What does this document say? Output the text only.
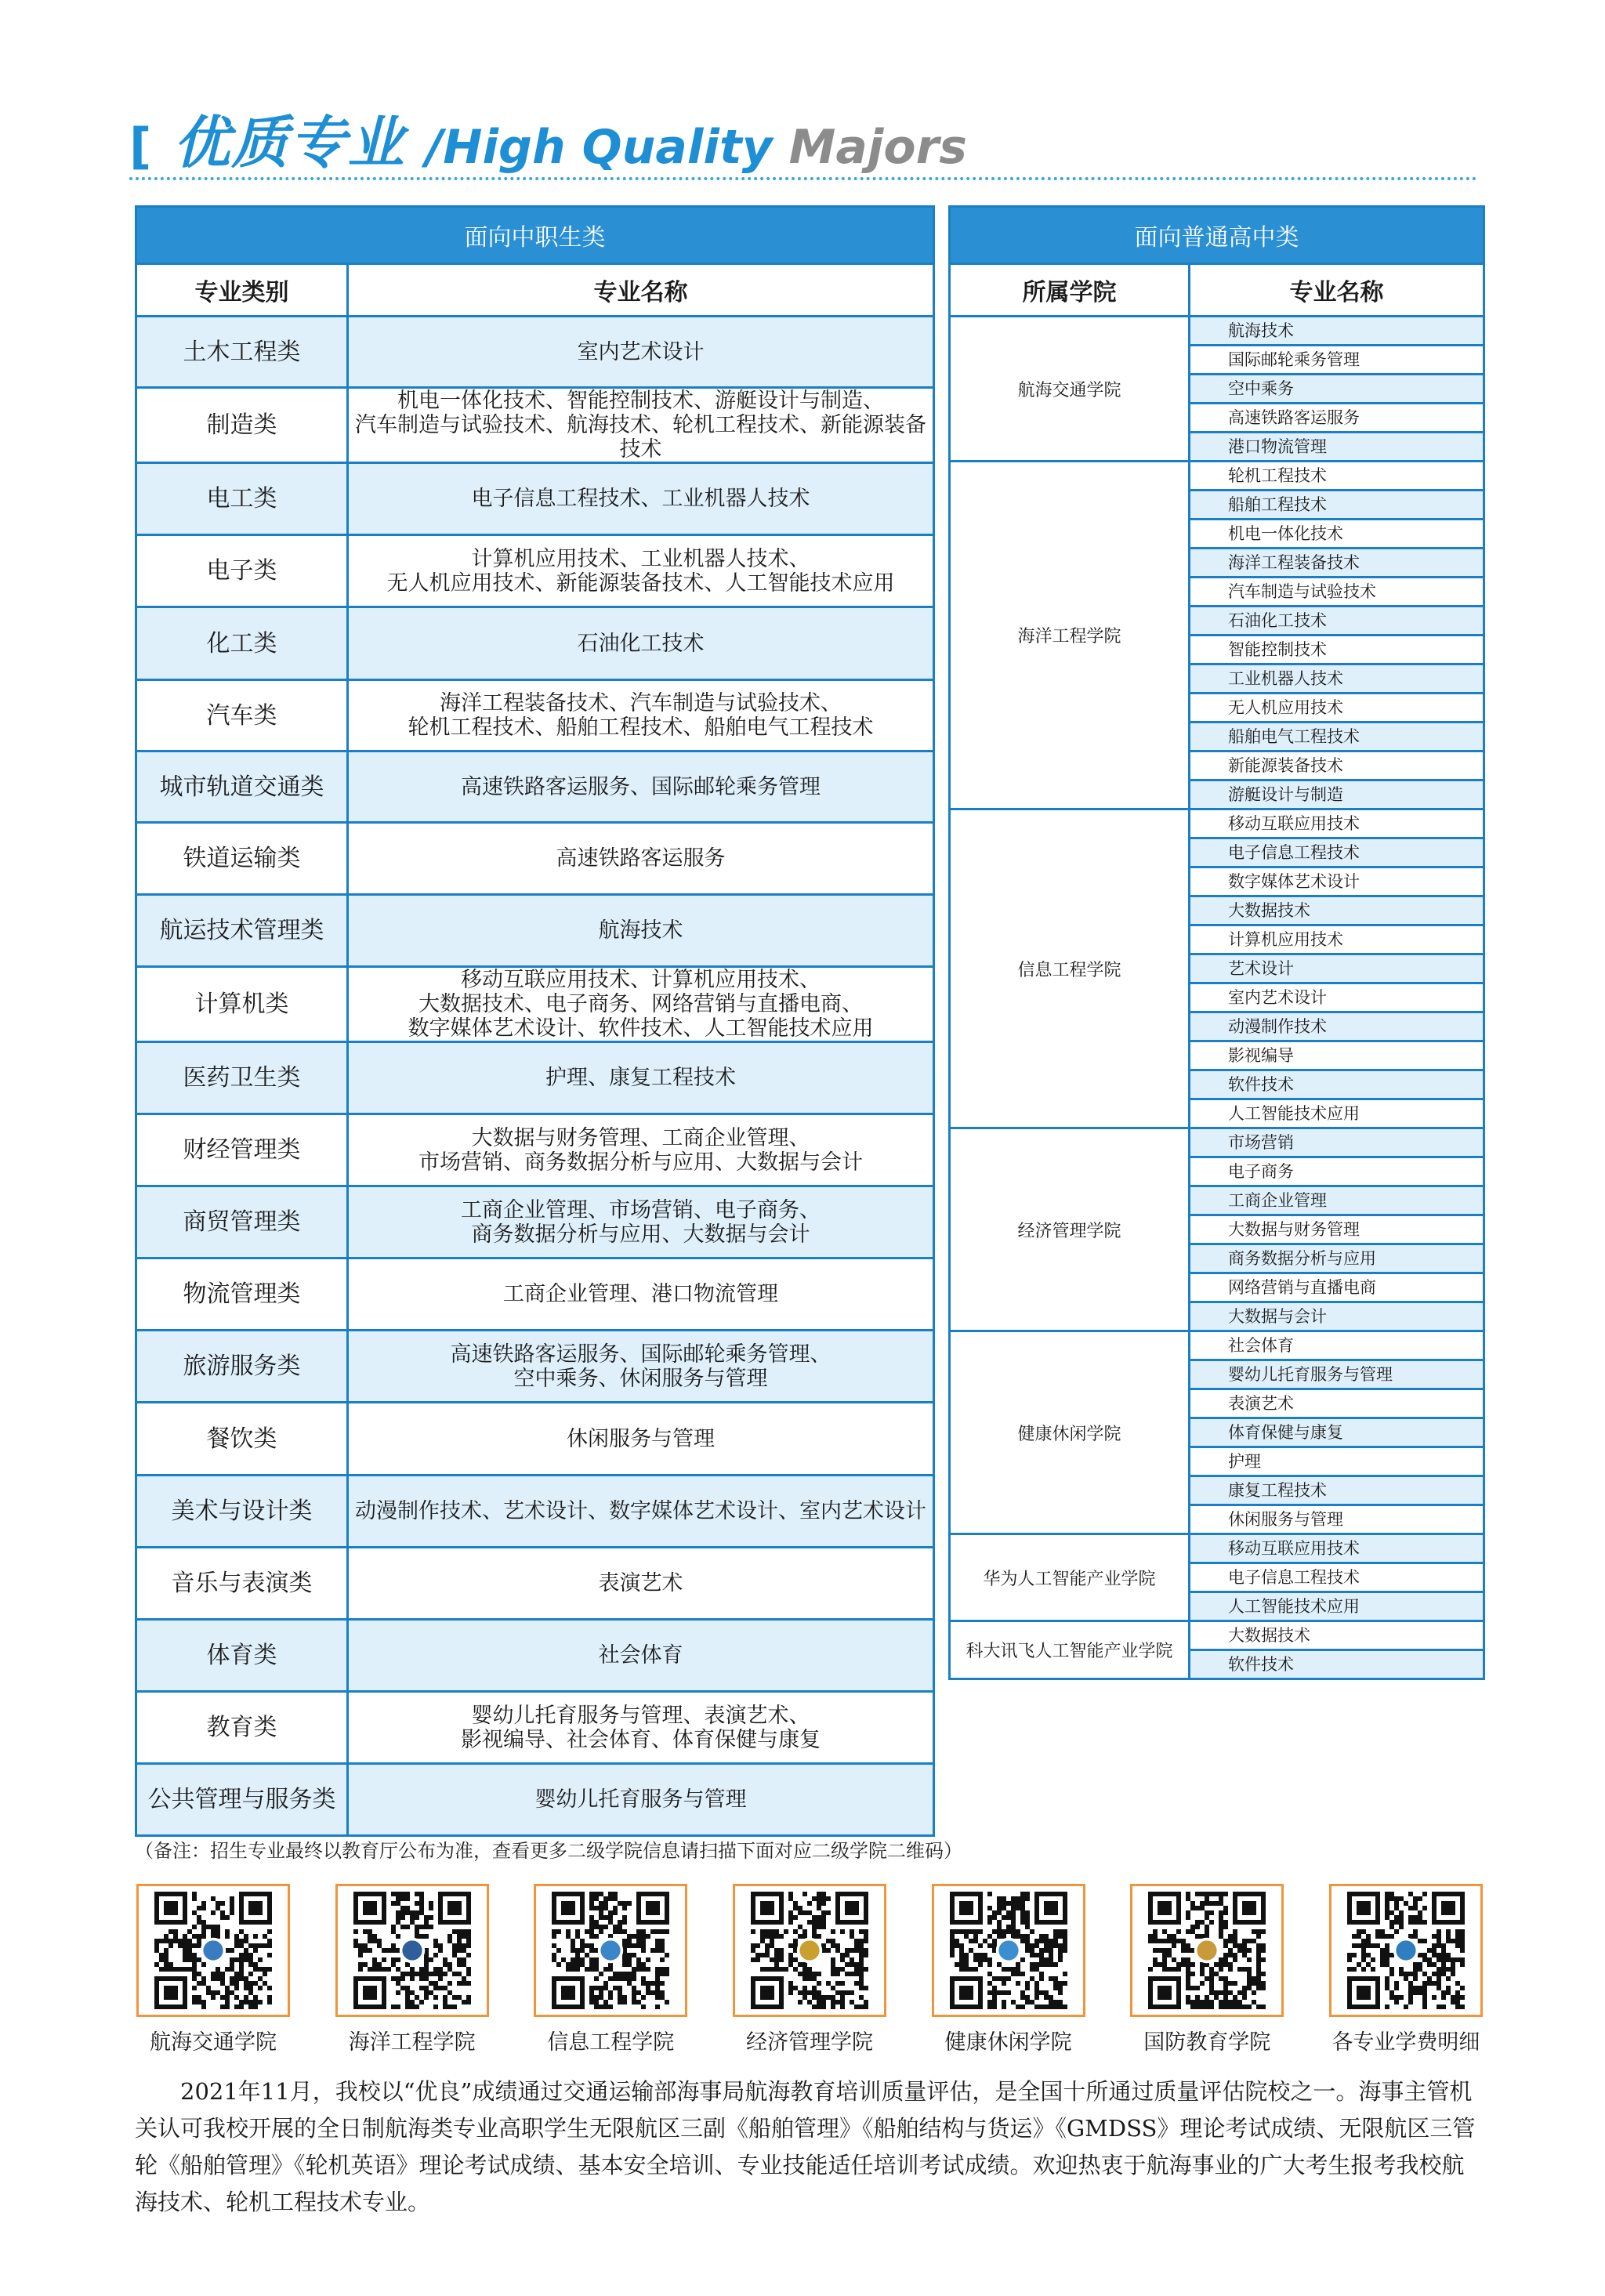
[ 优质专业 /High Quality Majors
面向中职生类	
专业类别	专业名称
土木工程类	室内艺术设计
制造类	机电一体化技术、智能控制技术、游艇设计与制造、
汽车制造与试验技术、航海技术、轮机工程技术、新能源装备技术
电工类	电子信息工程技术、工业机器人技术
电子类	计算机应用技术、工业机器人技术、
无人机应用技术、新能源装备技术、人工智能技术应用
化工类	石油化工技术
汽车类	海洋工程装备技术、汽车制造与试验技术、
轮机工程技术、船舶工程技术、船舶电气工程技术
城市轨道交通类	高速铁路客运服务、国际邮轮乘务管理
铁道运输类	高速铁路客运服务
航运技术管理类	航海技术
计算机类	移动互联应用技术、计算机应用技术、
大数据技术、电子商务、网络营销与直播电商、
数字媒体艺术设计、软件技术、人工智能技术应用
医药卫生类	护理、康复工程技术
财经管理类	大数据与财务管理、工商企业管理、
市场营销、商务数据分析与应用、大数据与会计
商贸管理类	工商企业管理、市场营销、电子商务、
商务数据分析与应用、大数据与会计
物流管理类	工商企业管理、港口物流管理
旅游服务类	高速铁路客运服务、国际邮轮乘务管理、
空中乘务、休闲服务与管理
餐饮类	休闲服务与管理
美术与设计类	动漫制作技术、艺术设计、数字媒体艺术设计、室内艺术设计
音乐与表演类	表演艺术
体育类	社会体育
教育类	婴幼儿托育服务与管理、表演艺术、
影视编导、社会体育、体育保健与康复
公共管理与服务类	婴幼儿托育服务与管理
面向普通高中类	
所属学院	专业名称
航海交通学院	航海技术
	国际邮轮乘务管理
	空中乘务
	高速铁路客运服务
	港口物流管理
海洋工程学院	轮机工程技术
	船舶工程技术
	机电一体化技术
	海洋工程装备技术
	汽车制造与试验技术
	石油化工技术
	智能控制技术
	工业机器人技术
	无人机应用技术
	船舶电气工程技术
	新能源装备技术
	游艇设计与制造
信息工程学院	移动互联应用技术
	电子信息工程技术
	数字媒体艺术设计
	大数据技术
	计算机应用技术
	艺术设计
	室内艺术设计
	动漫制作技术
	影视编导
	软件技术
	人工智能技术应用
经济管理学院	市场营销
	电子商务
	工商企业管理
	大数据与财务管理
	商务数据分析与应用
	网络营销与直播电商
	大数据与会计
健康休闲学院	社会体育
	婴幼儿托育服务与管理
	表演艺术
	体育保健与康复
	护理
	康复工程技术
	休闲服务与管理
华为人工智能产业学院	移动互联应用技术
	电子信息工程技术
	人工智能技术应用
科大讯飞人工智能产业学院	大数据技术
	软件技术
（备注：招生专业最终以教育厅公布为准，查看更多二级学院信息请扫描下面对应二级学院二维码）
航海交通学院	海洋工程学院	信息工程学院	经济管理学院	健康休闲学院	国防教育学院	各专业学费明细
2021年11月，我校以“优良”成绩通过交通运输部海事局航海教育培训质量评估，是全国十所通过质量评估院校之一。海事主管机关认可我校开展的全日制航海类专业高职学生无限航区三副《船舶管理》《船舶结构与货运》《GMDSS》理论考试成绩、无限航区三管轮《船舶管理》《轮机英语》理论考试成绩、基本安全培训、专业技能适任培训考试成绩。欢迎热衷于航海事业的广大考生报考我校航海技术、轮机工程技术专业。
